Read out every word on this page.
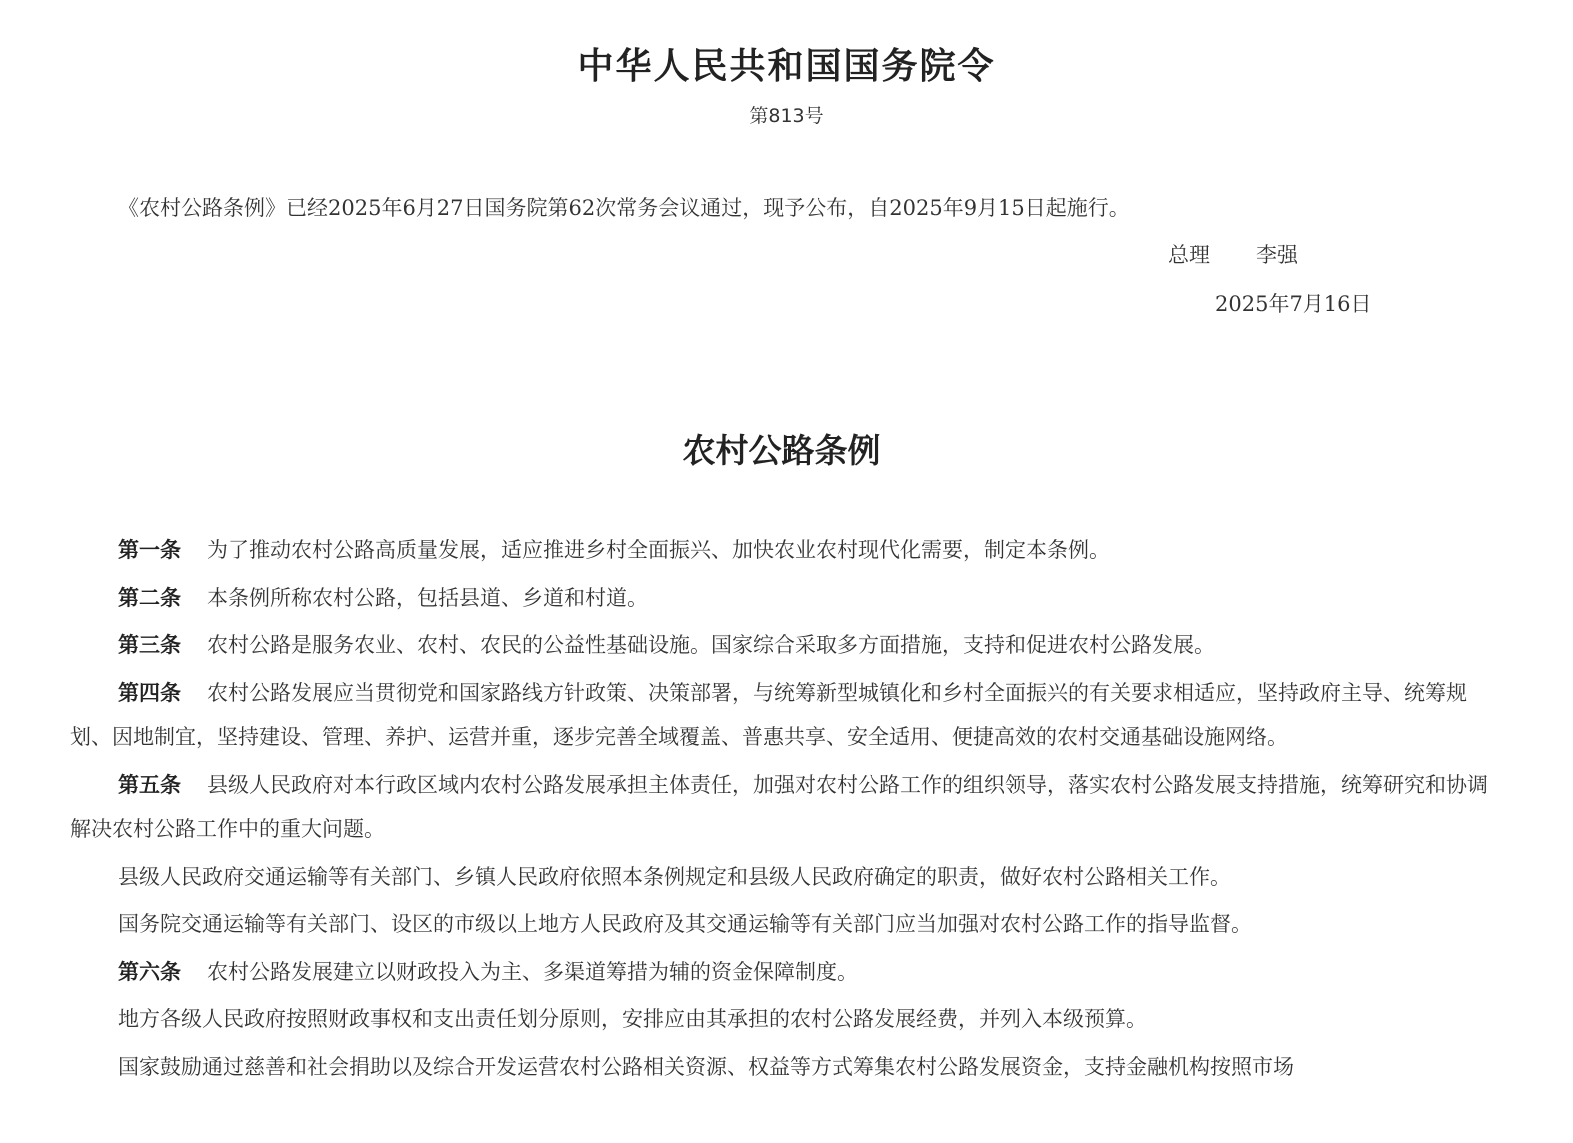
中华人民共和国国务院令
第813号
《农村公路条例》已经2025年6月27日国务院第62次常务会议通过，现予公布，自2025年9月15日起施行。
总理 李强
2025年7月16日
农村公路条例

第一条 为了推动农村公路高质量发展，适应推进乡村全面振兴、加快农业农村现代化需要，制定本条例。

第二条 本条例所称农村公路，包括县道、乡道和村道。

第三条 农村公路是服务农业、农村、农民的公益性基础设施。国家综合采取多方面措施，支持和促进农村公路发展。

第四条 农村公路发展应当贯彻党和国家路线方针政策、决策部署，与统筹新型城镇化和乡村全面振兴的有关要求相适应，坚持政府主导、统筹规划、因地制宜，坚持建设、管理、养护、运营并重，逐步完善全域覆盖、普惠共享、安全适用、便捷高效的农村交通基础设施网络。

第五条 县级人民政府对本行政区域内农村公路发展承担主体责任，加强对农村公路工作的组织领导，落实农村公路发展支持措施，统筹研究和协调解决农村公路工作中的重大问题。

县级人民政府交通运输等有关部门、乡镇人民政府依照本条例规定和县级人民政府确定的职责，做好农村公路相关工作。

国务院交通运输等有关部门、设区的市级以上地方人民政府及其交通运输等有关部门应当加强对农村公路工作的指导监督。

第六条 农村公路发展建立以财政投入为主、多渠道筹措为辅的资金保障制度。

地方各级人民政府按照财政事权和支出责任划分原则，安排应由其承担的农村公路发展经费，并列入本级预算。

国家鼓励通过慈善和社会捐助以及综合开发运营农村公路相关资源、权益等方式筹集农村公路发展资金，支持金融机构按照市场
